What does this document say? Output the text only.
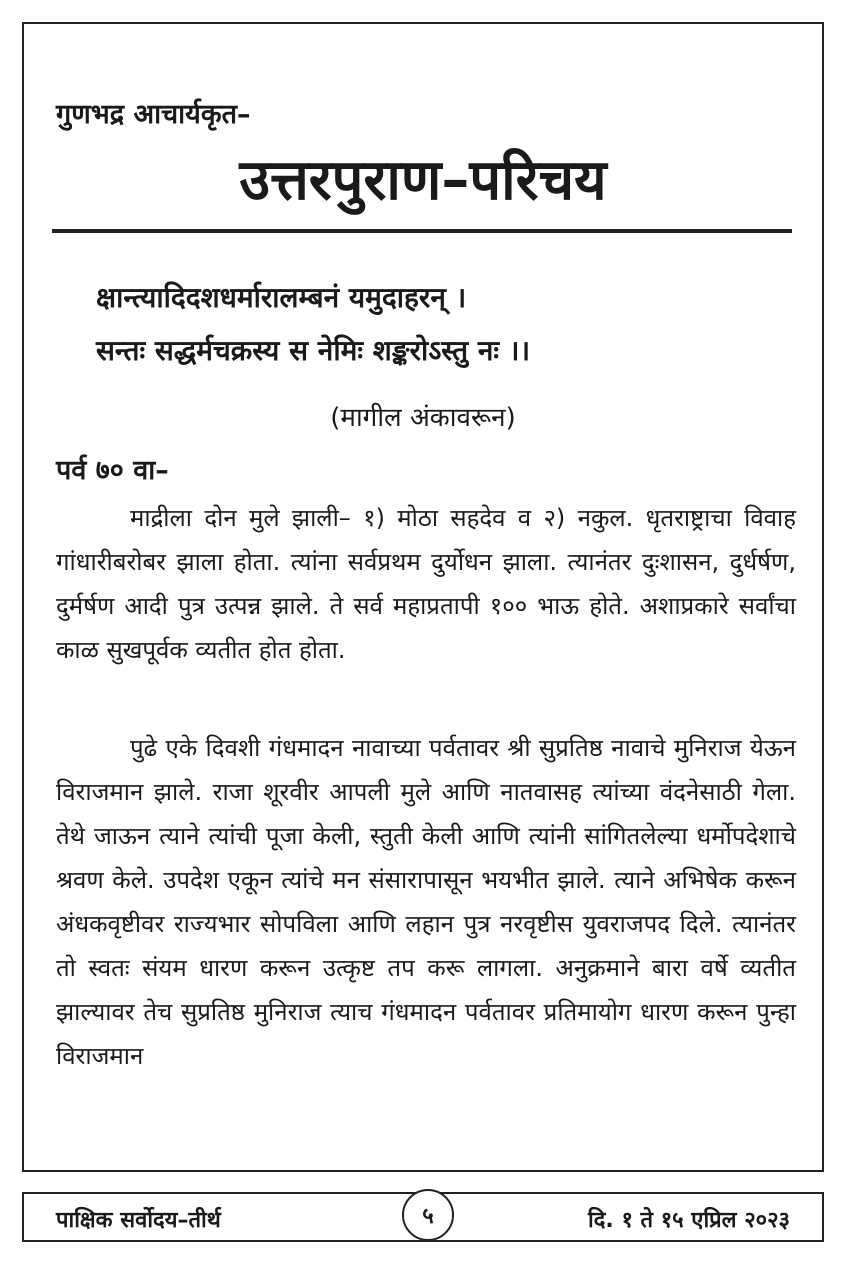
गुणभद्र आचार्यकृत–
उत्तरपुराण–परिचय
क्षान्त्यादिदशधर्मारालम्बनं यमुदाहरन् ।
सन्तः सद्धर्मचक्रस्य स नेमिः शङ्करोऽस्तु नः ।।
(मागील अंकावरून)
पर्व ७० वा–

माद्रीला दोन मुले झाली– १) मोठा सहदेव व २) नकुल. धृतराष्ट्राचा विवाह गांधारीबरोबर झाला होता. त्यांना सर्वप्रथम दुर्योधन झाला. त्यानंतर दुःशासन, दुर्धर्षण, दुर्मर्षण आदी पुत्र उत्पन्न झाले. ते सर्व महाप्रतापी १०० भाऊ होते. अशाप्रकारे सर्वांचा काळ सुखपूर्वक व्यतीत होत होता.

पुढे एके दिवशी गंधमादन नावाच्या पर्वतावर श्री सुप्रतिष्ठ नावाचे मुनिराज येऊन विराजमान झाले. राजा शूरवीर आपली मुले आणि नातवासह त्यांच्या वंदनेसाठी गेला. तेथे जाऊन त्याने त्यांची पूजा केली, स्तुती केली आणि त्यांनी सांगितलेल्या धर्मोपदेशाचे श्रवण केले. उपदेश एकून त्यांचे मन संसारापासून भयभीत झाले. त्याने अभिषेक करून अंधकवृष्टीवर राज्यभार सोपविला आणि लहान पुत्र नरवृष्टीस युवराजपद दिले. त्यानंतर तो स्वतः संयम धारण करून उत्कृष्ट तप करू लागला. अनुक्रमाने बारा वर्षे व्यतीत झाल्यावर तेच सुप्रतिष्ठ मुनिराज त्याच गंधमादन पर्वतावर प्रतिमायोग धारण करून पुन्हा विराजमान

पाक्षिक सर्वोदय–तीर्थ	५	दि. १ ते १५ एप्रिल २०२३
